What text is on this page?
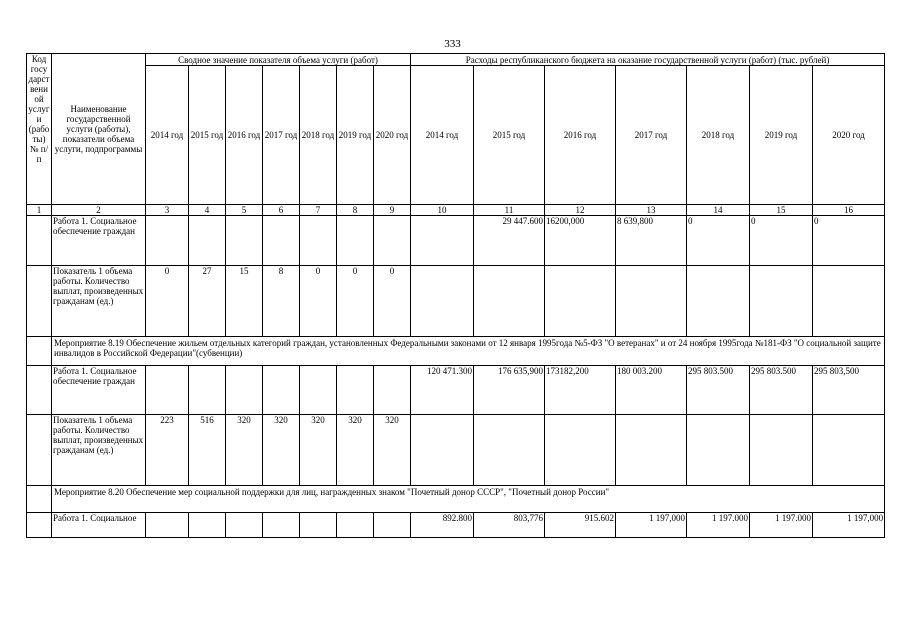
333
Код госу дарст вени ой услуг и (рабо ты) № п/п	Наименование государственной услуги (работы), показатели объема услуги, подпрограммы	Сводное значение показателя объема услуги (работ)							Расходы республиканского бюджета на оказание государственной услуги (работ) (тыс. рублей)						
		2014 год	2015 год	2016 год	2017 год	2018 год	2019 год	2020 год	2014 год	2015 год	2016 год	2017 год	2018 год	2019 год	2020 год
1	2	3	4	5	6	7	8	9	10	11	12	13	14	15	16
	Работа 1. Социальное обеспечение граждан									29 447.600	16200,000	8 639,800	0	0	0
	Показатель 1 объема работы. Количество выплат, произведенных гражданам (ед.)	0	27	15	8	0	0	0							
	Мероприятие 8.19 Обеспечение жильем отдельных категорий граждан, установленных Федеральными законами от 12 января 1995года №5-ФЗ "О ветеранах" и от 24 ноября 1995года №181-ФЗ "О социальной защите инвалидов в Российской Федерации"(субвенции)														
	Работа 1. Социальное обеспечение граждан								120 471.300	176 635,900	173182,200	180 003.200	295 803.500	295 803.500	295 803,500
	Показатель 1 объема работы. Количество выплат, произведенных гражданам (ед.)	223	516	320	320	320	320	320							
	Мероприятие 8.20 Обеспечение мер социальной поддержки для лиц, награжденных знаком "Почетный донор СССР", "Почетный донор России"														
	Работа 1. Социальное								892.800	803,776	915.602	1 197,000	1 197.000	1 197.000	1 197,000
